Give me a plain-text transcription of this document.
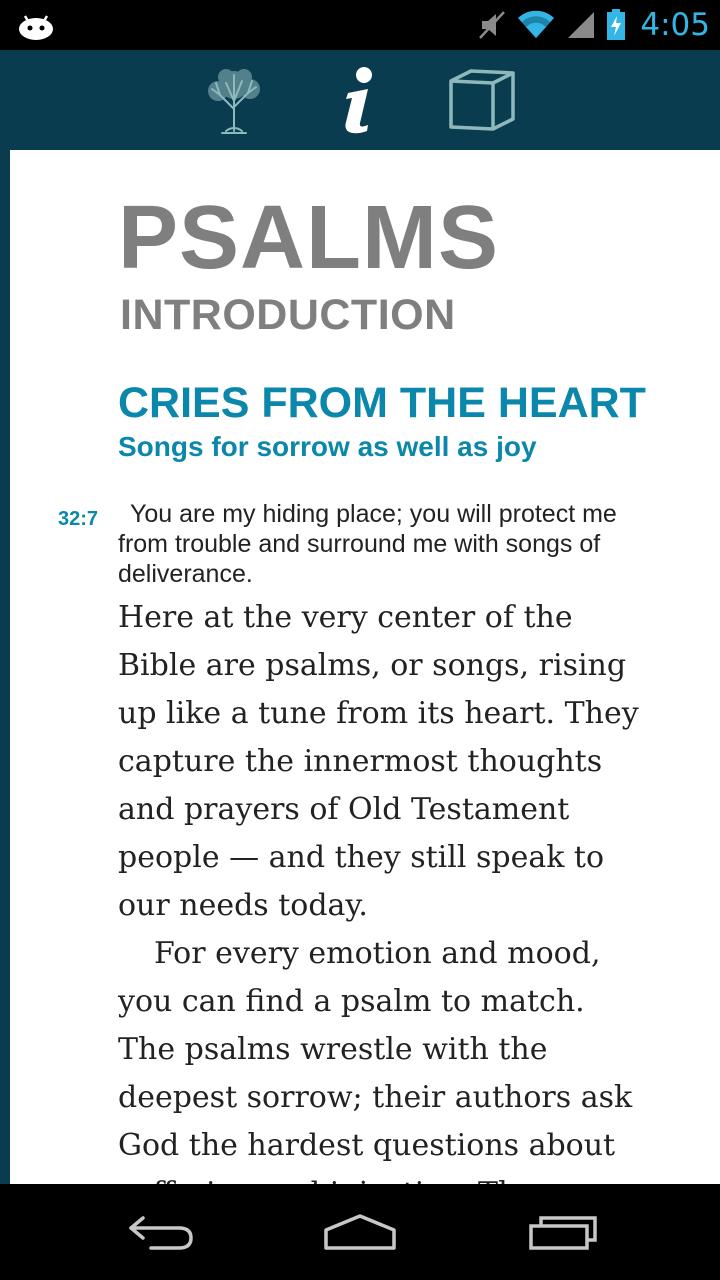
4:05
PSALMS
INTRODUCTION
CRIES FROM THE HEART
Songs for sorrow as well as joy
32:7	You are my hiding place; you will protect me from trouble and surround me with songs of deliverance.

Here at the very center of the Bible are psalms, or songs, rising up like a tune from its heart. They capture the innermost thoughts and prayers of Old Testament people — and they still speak to our needs today.

For every emotion and mood, you can find a psalm to match. The psalms wrestle with the deepest sorrow; their authors ask God the hardest questions about
